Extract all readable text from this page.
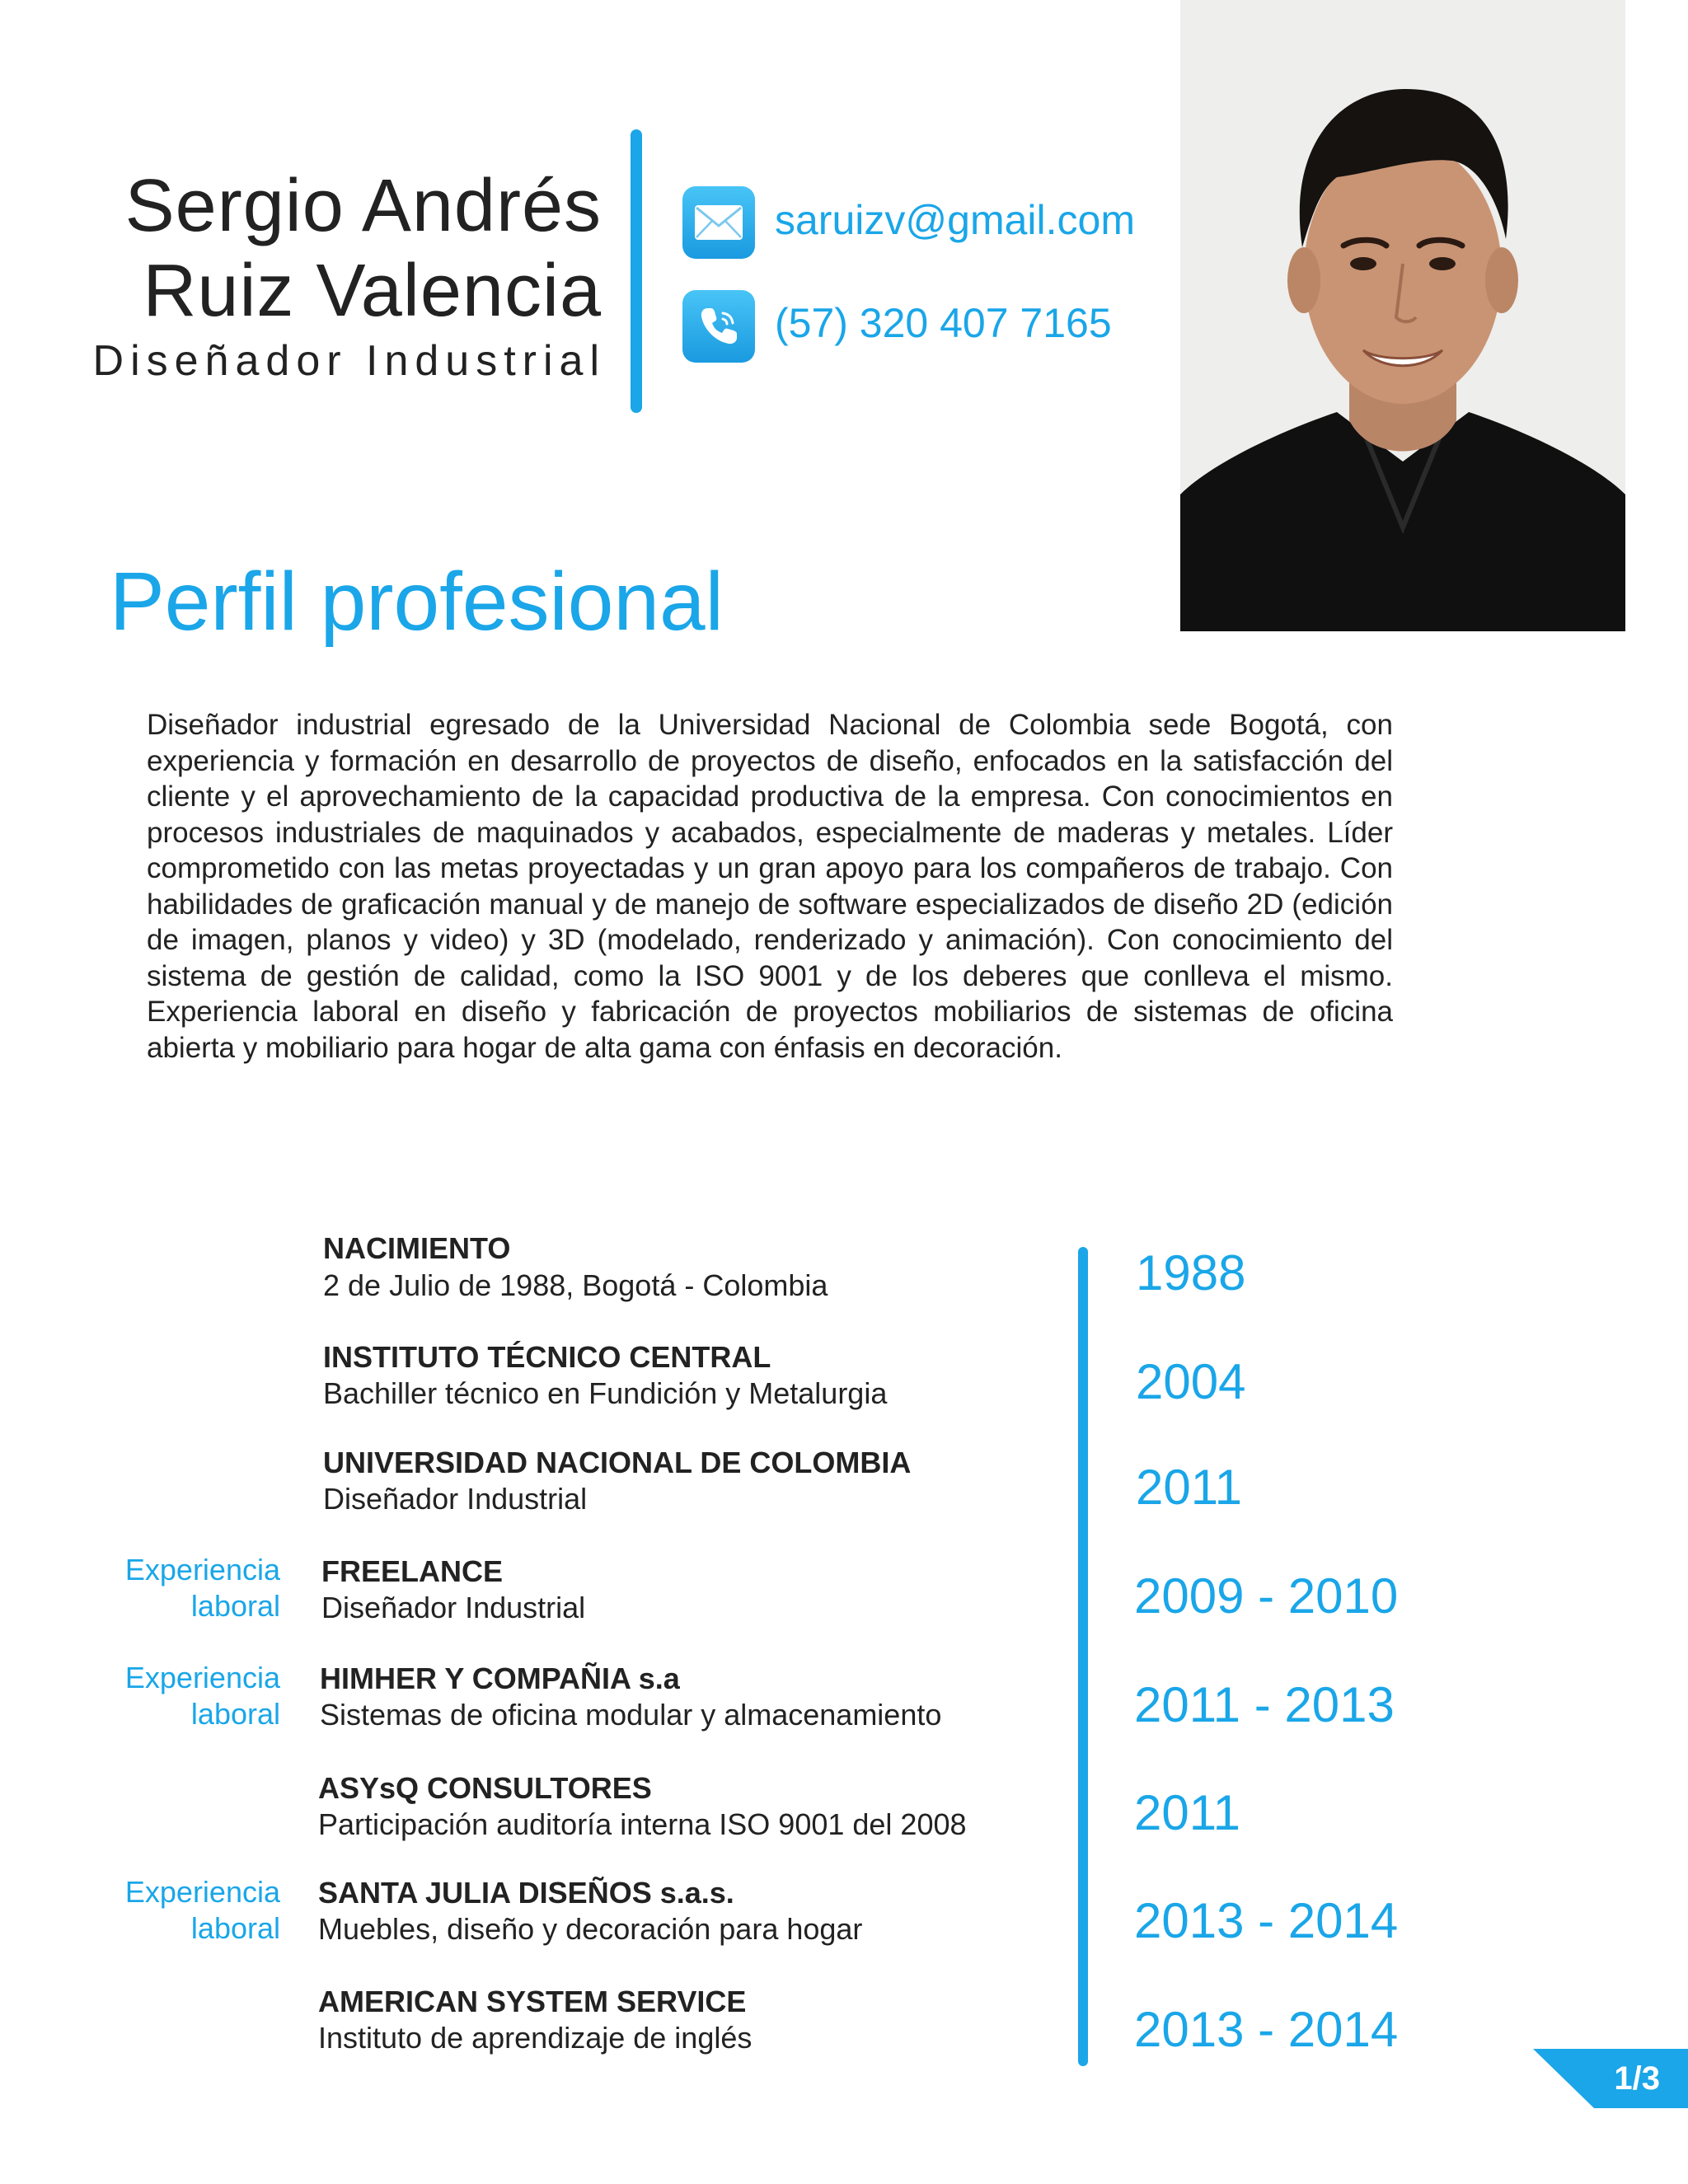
Sergio Andrés
Ruiz Valencia
Diseñador Industrial
saruizv@gmail.com
(57) 320 407 7165
Perfil profesional
Diseñador industrial egresado de la Universidad Nacional de Colombia sede Bogotá, con experiencia y formación en desarrollo de proyectos de diseño, enfocados en la satisfacción del cliente y el aprovechamiento de la capacidad productiva de la empresa. Con conocimientos en procesos industriales de maquinados y acabados, especialmente de maderas y metales. Líder comprometido con las metas proyectadas y un gran apoyo para los compañeros de trabajo. Con habilidades de graficación manual y de manejo de software especializados de diseño 2D (edición de imagen, planos y video) y 3D (modelado, renderizado y animación). Con conocimiento del sistema de gestión de calidad, como la ISO 9001 y de los deberes que conlleva el mismo. Experiencia laboral en diseño y fabricación de proyectos mobiliarios de sistemas de oficina abierta y mobiliario para hogar de alta gama con énfasis en decoración.
NACIMIENTO
2 de Julio de 1988, Bogotá - Colombia	1988
INSTITUTO TÉCNICO CENTRAL
Bachiller técnico en Fundición y Metalurgia	2004
UNIVERSIDAD NACIONAL DE COLOMBIA
Diseñador Industrial	2011
Experiencia
laboral
FREELANCE
Diseñador Industrial	2009 - 2010
Experiencia
laboral
HIMHER Y COMPAÑIA s.a
Sistemas de oficina modular y almacenamiento	2011 - 2013
ASYsQ CONSULTORES
Participación auditoría interna ISO 9001 del 2008	2011
Experiencia
laboral
SANTA JULIA DISEÑOS s.a.s.
Muebles, diseño y decoración para hogar	2013 - 2014
AMERICAN SYSTEM SERVICE
Instituto de aprendizaje de inglés	2013 - 2014
1/3
